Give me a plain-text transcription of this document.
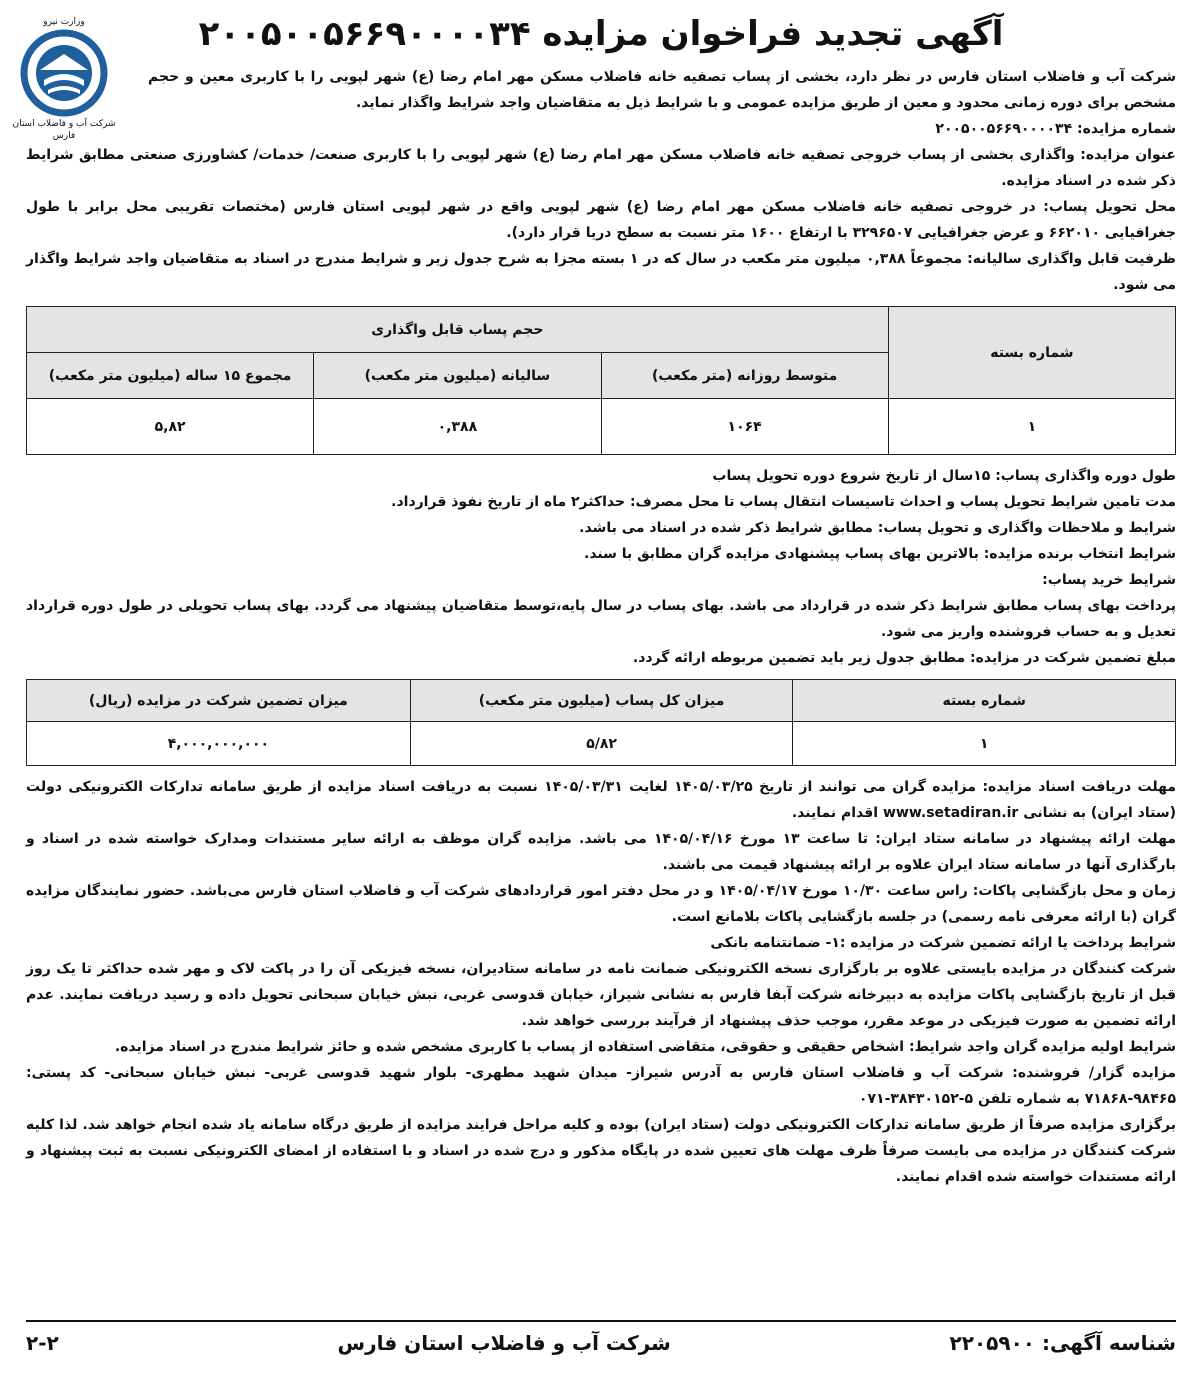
وزارت نیرو
شرکت آب و فاضلاب استان فارس
آگهی تجدید فراخوان مزایده ۲۰۰۵۰۰۵۶۶۹۰۰۰۰۳۴

شرکت آب و فاضلاب استان فارس در نظر دارد، بخشی از پساب تصفیه خانه فاضلاب مسکن مهر امام رضا (ع) شهر لپویی را با کاربری معین و حجم مشخص برای دوره زمانی محدود و معین از طریق مزایده عمومی و با شرایط ذیل به متقاضیان واجد شرایط واگذار نماید.

شماره مزایده: ۲۰۰۵۰۰۵۶۶۹۰۰۰۰۳۴

عنوان مزایده: واگذاری بخشی از پساب خروجی تصفیه خانه فاضلاب مسکن مهر امام رضا (ع) شهر لپویی را با کاربری صنعت/ خدمات/ کشاورزی صنعتی مطابق شرایط ذکر شده در اسناد مزایده.

محل تحویل پساب: در خروجی تصفیه خانه فاضلاب مسکن مهر امام رضا (ع) شهر لپویی واقع در شهر لپویی استان فارس (مختصات تقریبی محل برابر با طول جغرافیایی ۶۶۲۰۱۰ و عرض جغرافیایی ۳۲۹۶۵۰۷ با ارتفاع ۱۶۰۰ متر نسبت به سطح دریا قرار دارد).

ظرفیت قابل واگذاری سالیانه: مجموعاً ۰,۳۸۸ میلیون متر مکعب در سال که در ۱ بسته مجزا به شرح جدول زیر و شرایط مندرج در اسناد به متقاضیان واجد شرایط واگذار می شود.

شماره بسته	حجم پساب قابل واگذاری		
	متوسط روزانه (متر مکعب)	سالیانه (میلیون متر مکعب)	مجموع ۱۵ ساله (میلیون متر مکعب)
۱	۱۰۶۴	۰,۳۸۸	۵,۸۲

طول دوره واگذاری پساب: ۱۵سال از تاریخ شروع دوره تحویل پساب

مدت تامین شرایط تحویل پساب و احداث تاسیسات انتقال پساب تا محل مصرف: حداکثر۲ ماه از تاریخ نفوذ قرارداد.

شرایط و ملاحظات واگذاری و تحویل پساب: مطابق شرایط ذکر شده در اسناد می باشد.

شرایط انتخاب برنده مزایده: بالاترین بهای پساب پیشنهادی مزایده گران مطابق با سند.

شرایط خرید پساب:

پرداخت بهای پساب مطابق شرایط ذکر شده در قرارداد می باشد. بهای پساب در سال پایه،توسط متقاضیان پیشنهاد می گردد. بهای پساب تحویلی در طول دوره قرارداد تعدیل و به حساب فروشنده واریز می شود.

مبلغ تضمین شرکت در مزایده: مطابق جدول زیر باید تضمین مربوطه ارائه گردد.

شماره بسته	میزان کل پساب (میلیون متر مکعب)	میزان تضمین شرکت در مزایده (ریال)
۱	۵/۸۲	۴,۰۰۰,۰۰۰,۰۰۰

مهلت دریافت اسناد مزایده: مزایده گران می توانند از تاریخ ۱۴۰۵/۰۳/۲۵ لغایت ۱۴۰۵/۰۳/۳۱ نسبت به دریافت اسناد مزایده از طریق سامانه تدارکات الکترونیکی دولت (ستاد ایران) به نشانی www.setadiran.ir اقدام نمایند.

مهلت ارائه پیشنهاد در سامانه ستاد ایران: تا ساعت ۱۳ مورخ ۱۴۰۵/۰۴/۱۶ می باشد. مزایده گران موظف به ارائه سایر مستندات ومدارک خواسته شده در اسناد و بارگذاری آنها در سامانه ستاد ایران علاوه بر ارائه پیشنهاد قیمت می باشند.

زمان و محل بازگشایی پاکات: راس ساعت ۱۰/۳۰ مورخ ۱۴۰۵/۰۴/۱۷ و در محل دفتر امور قراردادهای شرکت آب و فاضلاب استان فارس می‌باشد. حضور نمایندگان مزایده گران (با ارائه معرفی نامه رسمی) در جلسه بازگشایی پاکات بلامانع است.

شرایط پرداخت یا ارائه تضمین شرکت در مزایده :۱- ضمانتنامه بانکی

شرکت کنندگان در مزایده بایستی علاوه بر بارگزاری نسخه الکترونیکی ضمانت نامه در سامانه ستادیران، نسخه فیزیکی آن را در پاکت لاک و مهر شده حداکثر تا یک روز قبل از تاریخ بازگشایی پاکات مزایده به دبیرخانه شرکت آبفا فارس به نشانی شیراز، خیابان قدوسی غربی، نبش خیابان سبحانی تحویل داده و رسید دریافت نمایند. عدم ارائه تضمین به صورت فیزیکی در موعد مقرر، موجب حذف پیشنهاد از فرآیند بررسی خواهد شد.

شرایط اولیه مزایده گران واجد شرایط: اشخاص حقیقی و حقوقی، متقاضی استفاده از پساب با کاربری مشخص شده و حائز شرایط مندرج در اسناد مزایده.

مزایده گزار/ فروشنده: شرکت آب و فاضلاب استان فارس به آدرس شیراز- میدان شهید مطهری- بلوار شهید قدوسی غربی- نبش خیابان سبحانی- کد پستی: ۹۸۴۶۵-۷۱۸۶۸ به شماره تلفن ۵-۳۸۴۳۰۱۵۲-۰۷۱

برگزاری مزایده صرفاً از طریق سامانه تدارکات الکترونیکی دولت (ستاد ایران) بوده و کلیه مراحل فرایند مزایده از طریق درگاه سامانه یاد شده انجام خواهد شد. لذا کلیه شرکت کنندگان در مزایده می بایست صرفاً ظرف مهلت های تعیین شده در پایگاه مذکور و درج شده در اسناد و با استفاده از امضای الکترونیکی نسبت به ثبت پیشنهاد و ارائه مستندات خواسته شده اقدام نمایند.

شناسه آگهی: ۲۲۰۵۹۰۰
شرکت آب و فاضلاب استان فارس
۲-۲
